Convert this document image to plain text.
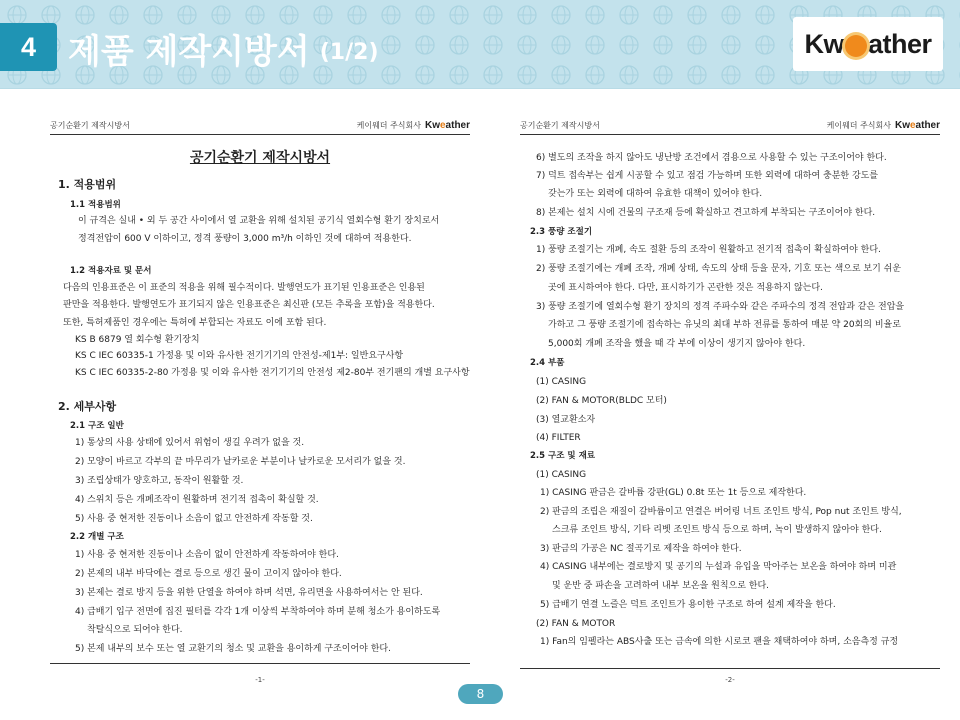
4 제품 제작시방서 (1/2)	Kw ather
공기순환기 제작시방서	케이웨더 주식회사 Kweather
공기순환기 제작시방서
1. 적용범위
1.1 적용범위
이 규격은 실내 • 외 두 공간 사이에서 열 교환을 위해 설치된 공기식 열회수형 환기 장치로서
정격전압이 600 V 이하이고, 정격 풍량이 3,000 m³/h 이하인 것에 대하여 적용한다.
1.2 적용자료 및 문서
다음의 인용표준은 이 표준의 적용을 위해 필수적이다. 발행연도가 표기된 인용표준은 인용된
판만을 적용한다. 발행연도가 표기되지 않은 인용표준은 최신판 (모든 추록을 포함)을 적용한다.
또한, 특허제품인 경우에는 특허에 부합되는 자료도 이에 포함 된다.
KS B 6879 열 회수형 환기장치
KS C IEC 60335-1 가정용 및 이와 유사한 전기기기의 안전성-제1부: 일반요구사항
KS C IEC 60335-2-80 가정용 및 이와 유사한 전기기기의 안전성 제2-80부 전기팬의 개별 요구사항
2. 세부사항
2.1 구조 일반
1) 통상의 사용 상태에 있어서 위험이 생길 우려가 없을 것.
2) 모양이 바르고 각부의 끝 마무리가 날카로운 부분이나 날카로운 모서리가 없을 것.
3) 조립상태가 양호하고, 동작이 원활할 것.
4) 스위치 등은 개폐조작이 원활하며 전기적 접촉이 확실할 것.
5) 사용 중 현저한 진동이나 소음이 없고 안전하게 작동할 것.
2.2 개별 구조
1) 사용 중 현저한 진동이나 소음이 없이 안전하게 작동하여야 한다.
2) 본제의 내부 바닥에는 결로 등으로 생긴 물이 고이지 않아야 한다.
3) 본제는 결로 방지 등을 위한 단열을 하여야 하며 석면, 유리면을 사용하여서는 안 된다.
4) 급배기 입구 전면에 집진 필터를 각각 1개 이상씩 부착하여야 하며 분해 청소가 용이하도록
착탈식으로 되어야 한다.
5) 본제 내부의 보수 또는 열 교환기의 청소 및 교환을 용이하게 구조이어야 한다.
-1-
공기순환기 제작시방서	케이웨더 주식회사 Kweather
6) 별도의 조작을 하지 않아도 냉난방 조건에서 겸용으로 사용할 수 있는 구조이어야 한다.
7) 덕트 접속부는 쉽게 시공할 수 있고 점검 가능하며 또한 외력에 대하여 충분한 강도를
갖는가 또는 외력에 대하여 유효한 대책이 있어야 한다.
8) 본제는 설치 시에 건물의 구조재 등에 확실하고 견고하게 부착되는 구조이어야 한다.
2.3 풍량 조절기
1) 풍량 조절기는 개폐, 속도 절환 등의 조작이 원활하고 전기적 접촉이 확실하여야 한다.
2) 풍량 조절기에는 개폐 조작, 개폐 상태, 속도의 상태 등을 문자, 기호 또는 색으로 보기 쉬운
곳에 표시하여야 한다. 다만, 표시하기가 곤란한 것은 적용하지 않는다.
3) 풍량 조절기에 열회수형 환기 장치의 정격 주파수와 같은 주파수의 정격 전압과 같은 전압을
가하고 그 풍량 조절기에 접속하는 유닛의 최대 부하 전류를 통하여 매분 약 20회의 비율로
5,000회 개폐 조작을 했을 때 각 부에 이상이 생기지 않아야 한다.
2.4 부품
(1) CASING
(2) FAN & MOTOR(BLDC 모터)
(3) 열교환소자
(4) FILTER
2.5 구조 및 재료
(1) CASING
1) CASING 판금은 갈바륨 강판(GL) 0.8t 또는 1t 등으로 제작한다.
2) 판금의 조립은 재질이 갈바륨이고 연결은 버어링 너트 조인트 방식, Pop nut 조인트 방식,
스크류 조인트 방식, 기타 리벳 조인트 방식 등으로 하며, 녹이 발생하지 않아야 한다.
3) 판금의 가공은 NC 절곡기로 제작을 하여야 한다.
4) CASING 내부에는 결로방지 및 공기의 누설과 유입을 막아주는 보온을 하여야 하며 미관
및 운반 중 파손을 고려하여 내부 보온을 원칙으로 한다.
5) 급배기 연결 노즐은 덕트 조인트가 용이한 구조로 하여 설계 제작을 한다.
(2) FAN & MOTOR
1) Fan의 임펠라는 ABS사출 또는 금속에 의한 시로코 팬을 채택하여야 하며, 소음측정 규정
-2-
8
